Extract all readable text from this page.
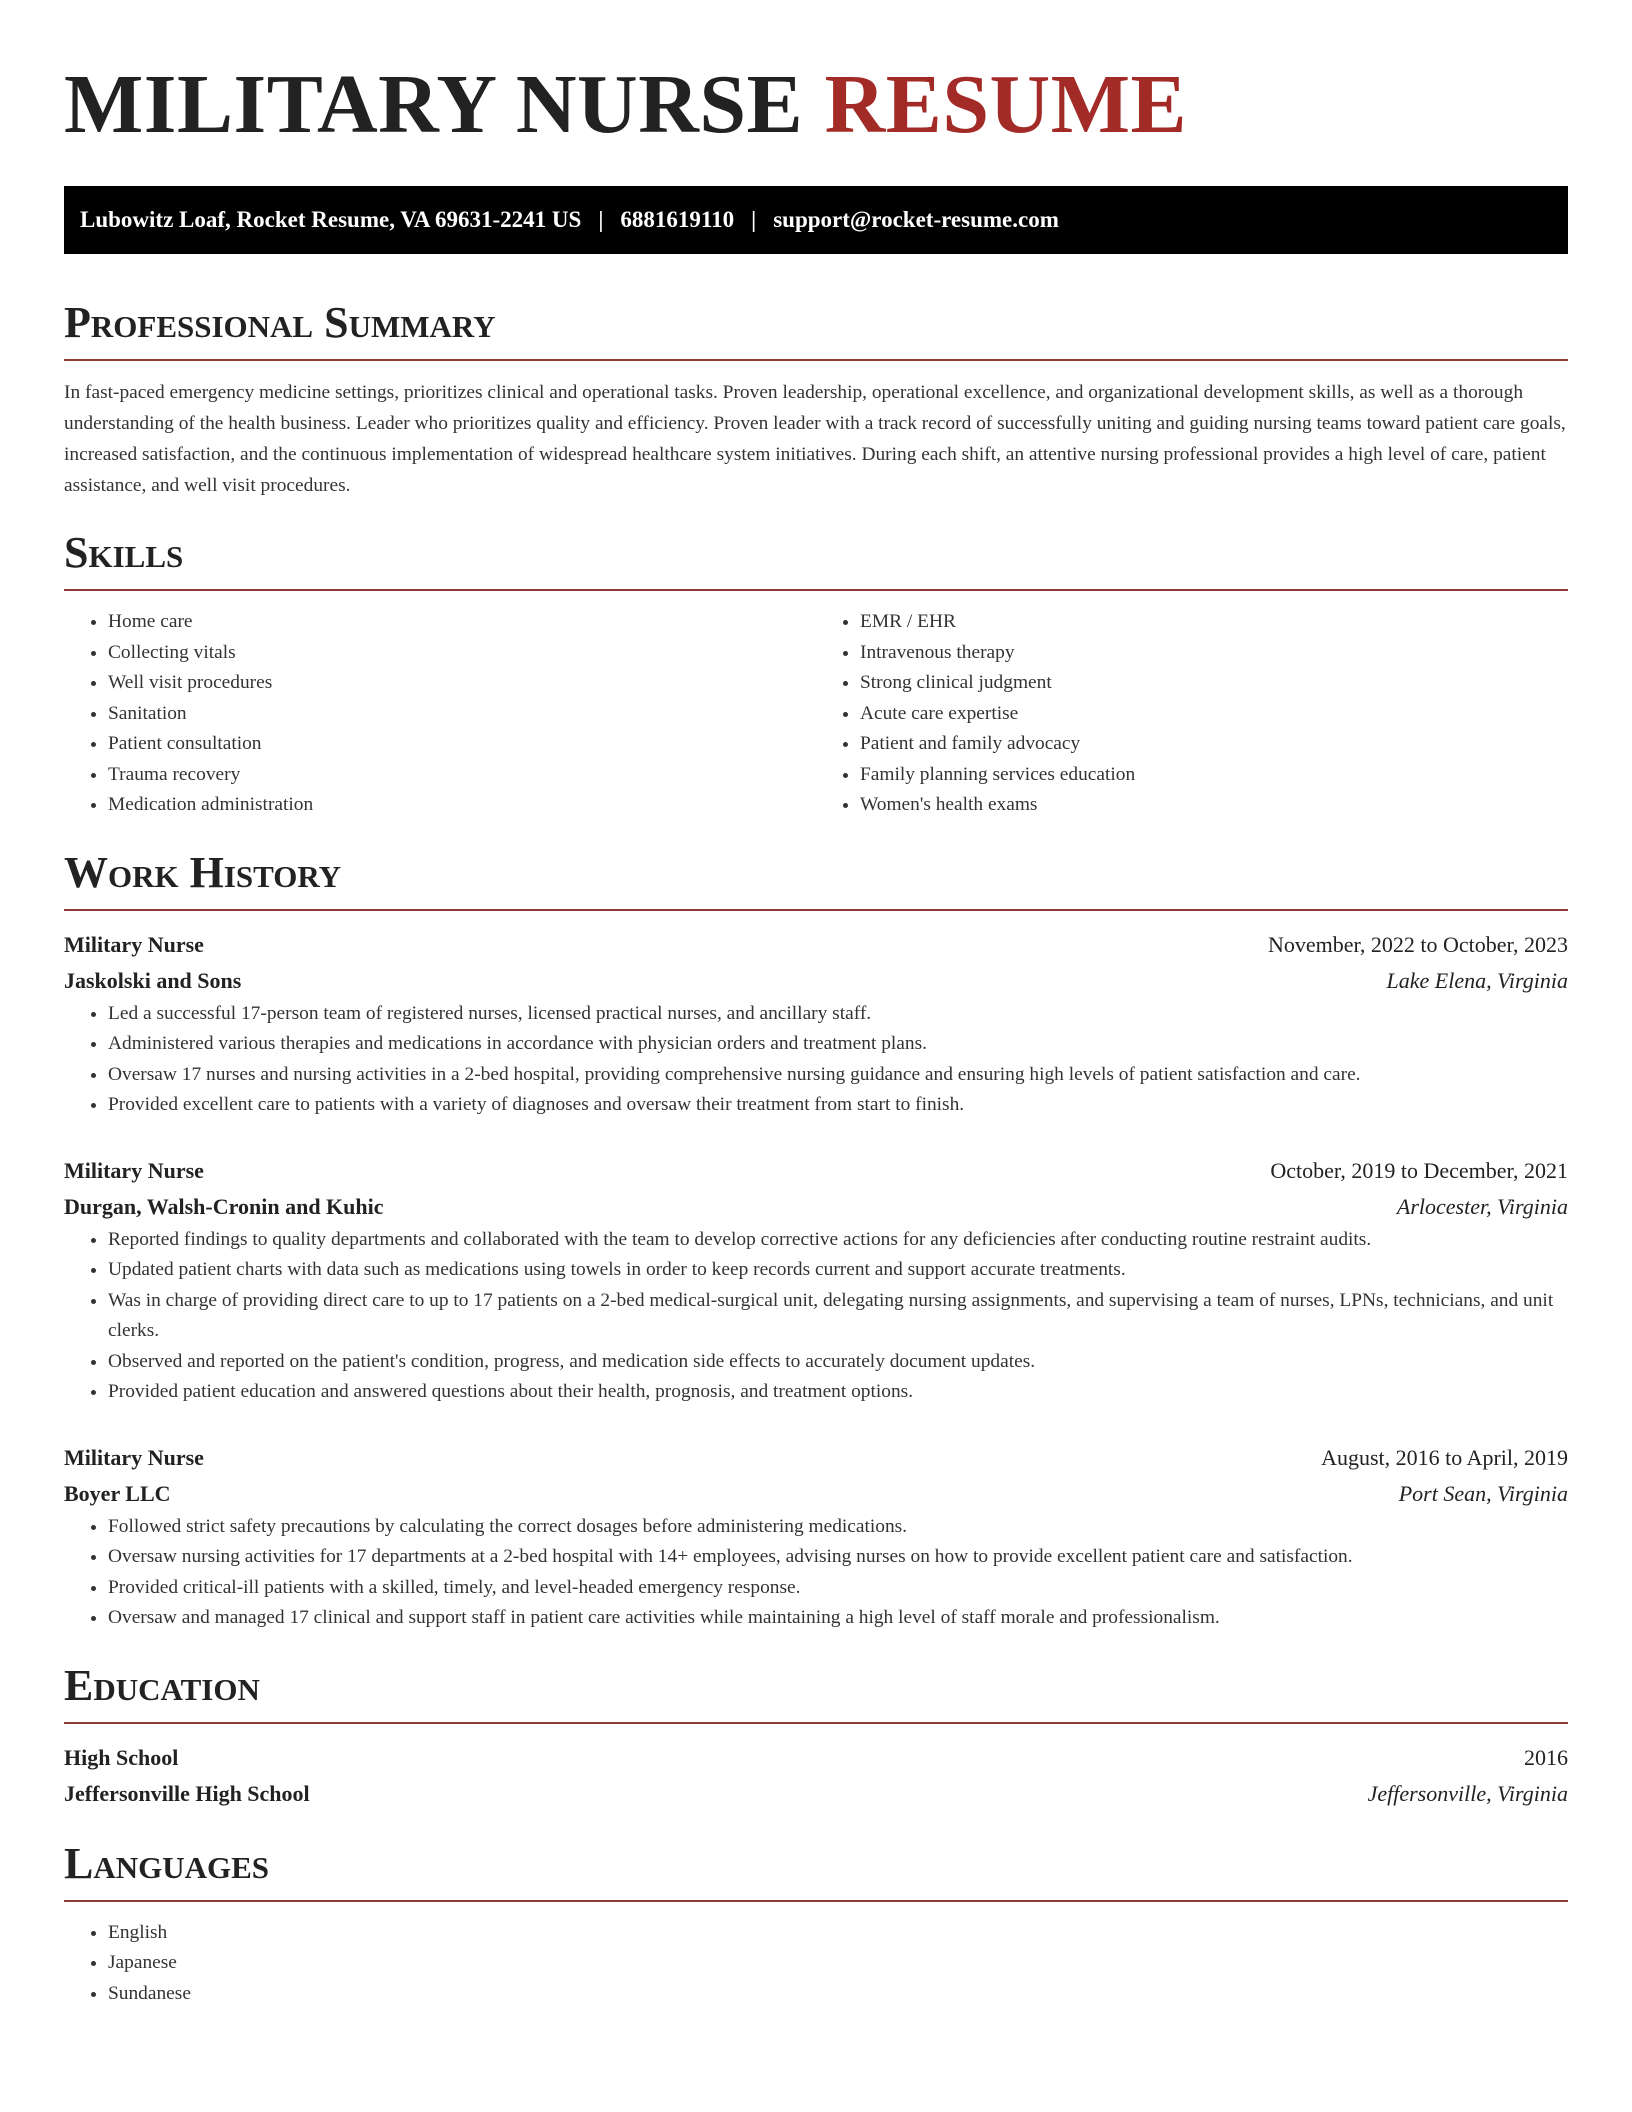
MILITARY NURSE RESUME
Lubowitz Loaf, Rocket Resume, VA 69631-2241 US | 6881619110 | support@rocket-resume.com
Professional Summary

In fast-paced emergency medicine settings, prioritizes clinical and operational tasks. Proven leadership, operational excellence, and organizational development skills, as well as a thorough understanding of the health business. Leader who prioritizes quality and efficiency. Proven leader with a track record of successfully uniting and guiding nursing teams toward patient care goals, increased satisfaction, and the continuous implementation of widespread healthcare system initiatives. During each shift, an attentive nursing professional provides a high level of care, patient assistance, and well visit procedures.

Skills
• Home care
• Collecting vitals
• Well visit procedures
• Sanitation
• Patient consultation
• Trauma recovery
• Medication administration
• EMR / EHR
• Intravenous therapy
• Strong clinical judgment
• Acute care expertise
• Patient and family advocacy
• Family planning services education
• Women's health exams
Work History
Military Nurse	November, 2022 to October, 2023
Jaskolski and Sons	Lake Elena, Virginia
• Led a successful 17-person team of registered nurses, licensed practical nurses, and ancillary staff.
• Administered various therapies and medications in accordance with physician orders and treatment plans.
• Oversaw 17 nurses and nursing activities in a 2-bed hospital, providing comprehensive nursing guidance and ensuring high levels of patient satisfaction and care.
• Provided excellent care to patients with a variety of diagnoses and oversaw their treatment from start to finish.
Military Nurse	October, 2019 to December, 2021
Durgan, Walsh-Cronin and Kuhic	Arlocester, Virginia
• Reported findings to quality departments and collaborated with the team to develop corrective actions for any deficiencies after conducting routine restraint audits.
• Updated patient charts with data such as medications using towels in order to keep records current and support accurate treatments.
• Was in charge of providing direct care to up to 17 patients on a 2-bed medical-surgical unit, delegating nursing assignments, and supervising a team of nurses, LPNs, technicians, and unit clerks.
• Observed and reported on the patient's condition, progress, and medication side effects to accurately document updates.
• Provided patient education and answered questions about their health, prognosis, and treatment options.
Military Nurse	August, 2016 to April, 2019
Boyer LLC	Port Sean, Virginia
• Followed strict safety precautions by calculating the correct dosages before administering medications.
• Oversaw nursing activities for 17 departments at a 2-bed hospital with 14+ employees, advising nurses on how to provide excellent patient care and satisfaction.
• Provided critical-ill patients with a skilled, timely, and level-headed emergency response.
• Oversaw and managed 17 clinical and support staff in patient care activities while maintaining a high level of staff morale and professionalism.
Education
High School	2016
Jeffersonville High School	Jeffersonville, Virginia
Languages
• English
• Japanese
• Sundanese
